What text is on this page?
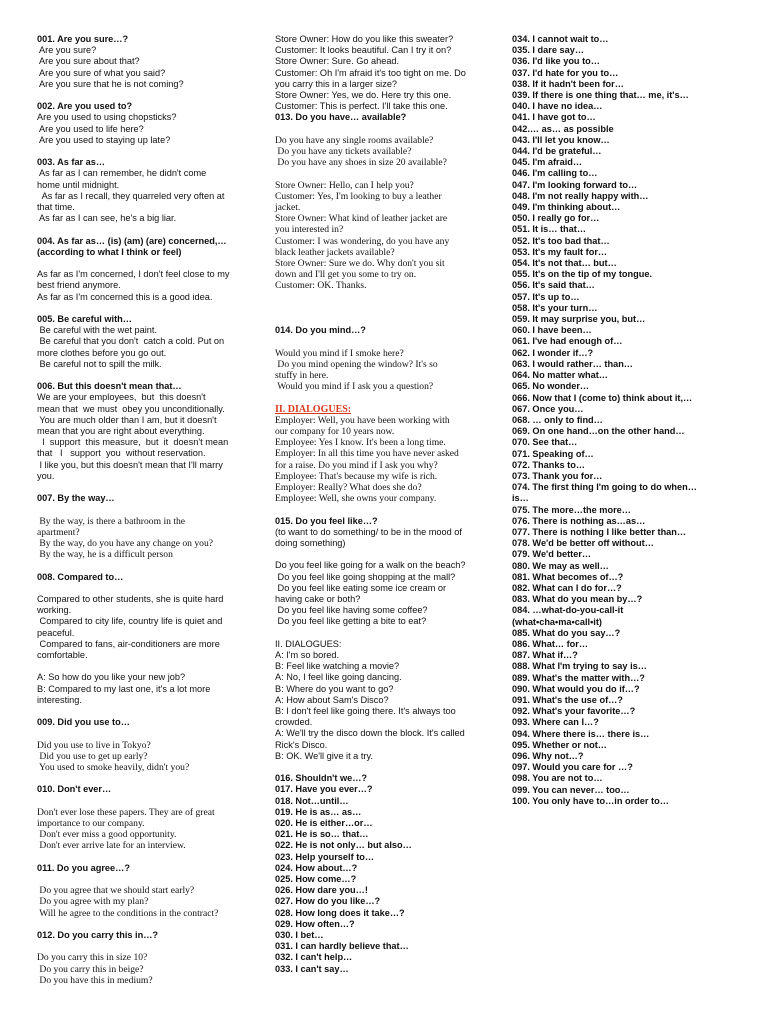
001. Are you sure…?
Are you sure?
Are you sure about that?
Are you sure of what you said?
Are you sure that he is not coming?
002. Are you used to?
Are you used to using chopsticks?
Are you used to life here?
Are you used to staying up late?
003. As far as…
As far as I can remember, he didn't come
home until midnight.
As far as I recall, they quarreled very often at
that time.
As far as I can see, he's a big liar.
004. As far as… (is) (am) (are) concerned,…
(according to what I think or feel)
As far as I'm concerned, I don't feel close to my
best friend anymore.
As far as I'm concerned this is a good idea.
005. Be careful with…
Be careful with the wet paint.
Be careful that you don't  catch a cold. Put on
more clothes before you go out.
Be careful not to spill the milk.
006. But this doesn't mean that…
We are your employees,  but  this doesn't
mean that  we must  obey you unconditionally.
You are much older than I am, but it doesn't
mean that you are right about everything.
I  support  this measure,  but  it  doesn't mean
that   I   support  you  without reservation.
I like you, but this doesn't mean that I'll marry
you.
007. By the way…
By the way, is there a bathroom in the
apartment?
By the way, do you have any change on you?
By the way, he is a difficult person
008. Compared to…
Compared to other students, she is quite hard
working.
Compared to city life, country life is quiet and
peaceful.
Compared to fans, air-conditioners are more
comfortable.
A: So how do you like your new job?
B: Compared to my last one, it's a lot more
interesting.
009. Did you use to…
Did you use to live in Tokyo?
Did you use to get up early?
You used to smoke heavily, didn't you?
010. Don't ever…
Don't ever lose these papers. They are of great
importance to our company.
Don't ever miss a good opportunity.
Don't ever arrive late for an interview.
011. Do you agree…?
Do you agree that we should start early?
Do you agree with my plan?
Will he agree to the conditions in the contract?
012. Do you carry this in…?
Do you carry this in size 10?
Do you carry this in beige?
Do you have this in medium?
Store Owner: How do you like this sweater?
Customer: It looks beautiful. Can I try it on?
Store Owner: Sure. Go ahead.
Customer: Oh I'm afraid it's too tight on me. Do
you carry this in a larger size?
Store Owner: Yes, we do. Here try this one.
Customer: This is perfect. I'll take this one.
013. Do you have… available?
Do you have any single rooms available?
Do you have any tickets available?
Do you have any shoes in size 20 available?
Store Owner: Hello, can I help you?
Customer: Yes, I'm looking to buy a leather
jacket.
Store Owner: What kind of leather jacket are
you interested in?
Customer: I was wondering, do you have any
black leather jackets available?
Store Owner: Sure we do. Why don't you sit
down and I'll get you some to try on.
Customer: OK. Thanks.
014. Do you mind…?
Would you mind if I smoke here?
Do you mind opening the window? It's so
stuffy in here.
Would you mind if I ask you a question?
II. DIALOGUES:
Employer: Well, you have been working with
our company for 10 years now.
Employee: Yes I know. It's been a long time.
Employer: In all this time you have never asked
for a raise. Do you mind if I ask you why?
Employee: That's because my wife is rich.
Employer: Really? What does she do?
Employee: Well, she owns your company.
015. Do you feel like…?
(to want to do something/ to be in the mood of
doing something)
Do you feel like going for a walk on the beach?
Do you feel like going shopping at the mall?
Do you feel like eating some ice cream or
having cake or both?
Do you feel like having some coffee?
Do you feel like getting a bite to eat?
II. DIALOGUES:
A: I'm so bored.
B: Feel like watching a movie?
A: No, I feel like going dancing.
B: Where do you want to go?
A: How about Sam's Disco?
B: I don't feel like going there. It's always too
crowded.
A: We'll try the disco down the block. It's called
Rick's Disco.
B: OK. We'll give it a try.
016. Shouldn't we…?
017. Have you ever…?
018. Not…until…
019. He is as… as…
020. He is either…or…
021. He is so… that…
022. He is not only… but also…
023. Help yourself to…
024. How about…?
025. How come…?
026. How dare you…!
027. How do you like…?
028. How long does it take…?
029. How often…?
030. I bet…
031. I can hardly believe that…
032. I can't help…
033. I can't say…
034. I cannot wait to…
035. I dare say…
036. I'd like you to…
037. I'd hate for you to…
038. If it hadn't been for…
039. If there is one thing that… me, it's…
040. I have no idea…
041. I have got to…
042.… as… as possible
043. I'll let you know…
044. I'd be grateful…
045. I'm afraid…
046. I'm calling to…
047. I'm looking forward to…
048. I'm not really happy with…
049. I'm thinking about…
050. I really go for…
051. It is… that…
052. It's too bad that…
053. It's my fault for…
054. It's not that… but…
055. It's on the tip of my tongue.
056. It's said that…
057. It's up to…
058. It's your turn…
059. It may surprise you, but…
060. I have been…
061. I've had enough of…
062. I wonder if…?
063. I would rather… than…
064. No matter what…
065. No wonder…
066. Now that I (come to) think about it,…
067. Once you…
068. … only to find…
069. On one hand…on the other hand…
070. See that…
071. Speaking of…
072. Thanks to…
073. Thank you for…
074. The first thing I'm going to do when…
is…
075. The more…the more…
076. There is nothing as…as…
077. There is nothing I like better than…
078. We'd be better off without…
079. We'd better…
080. We may as well…
081. What becomes of…?
082. What can I do for…?
083. What do you mean by…?
084. …what-do-you-call-it
(what•cha•ma•call•it)
085. What do you say…?
086. What… for…
087. What if…?
088. What I'm trying to say is…
089. What's the matter with…?
090. What would you do if…?
091. What's the use of…?
092. What's your favorite…?
093. Where can I…?
094. Where there is… there is…
095. Whether or not…
096. Why not…?
097. Would you care for …?
098. You are not to…
099. You can never… too…
100. You only have to…in order to…
